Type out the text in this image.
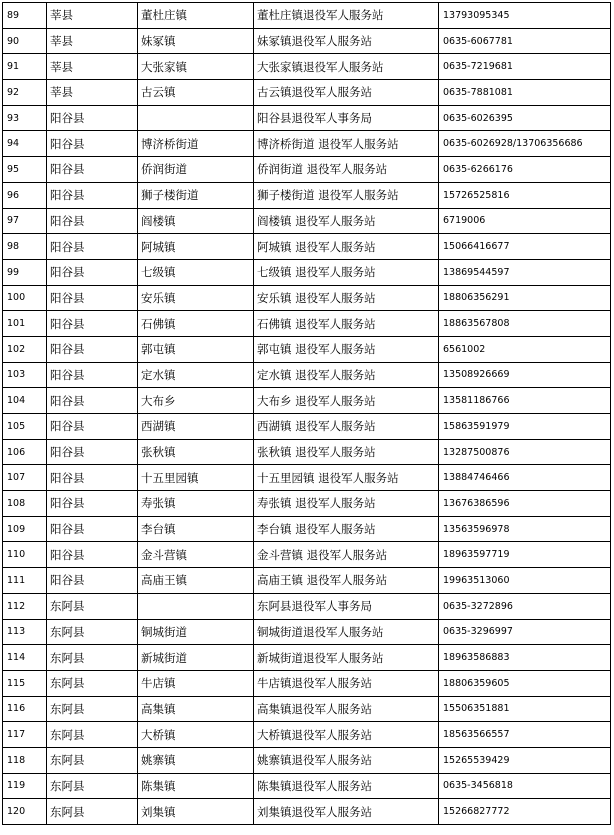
89	莘县	董杜庄镇	董杜庄镇退役军人服务站	13793095345
90	莘县	妹冢镇	妹冢镇退役军人服务站	0635-6067781
91	莘县	大张家镇	大张家镇退役军人服务站	0635-7219681
92	莘县	古云镇	古云镇退役军人服务站	0635-7881081
93	阳谷县		阳谷县退役军人事务局	0635-6026395
94	阳谷县	博济桥街道	博济桥街道 退役军人服务站	0635-6026928/13706356686
95	阳谷县	侨润街道	侨润街道 退役军人服务站	0635-6266176
96	阳谷县	狮子楼街道	狮子楼街道 退役军人服务站	15726525816
97	阳谷县	阎楼镇	阎楼镇 退役军人服务站	6719006
98	阳谷县	阿城镇	阿城镇 退役军人服务站	15066416677
99	阳谷县	七级镇	七级镇 退役军人服务站	13869544597
100	阳谷县	安乐镇	安乐镇 退役军人服务站	18806356291
101	阳谷县	石佛镇	石佛镇 退役军人服务站	18863567808
102	阳谷县	郭屯镇	郭屯镇 退役军人服务站	6561002
103	阳谷县	定水镇	定水镇 退役军人服务站	13508926669
104	阳谷县	大布乡	大布乡 退役军人服务站	13581186766
105	阳谷县	西湖镇	西湖镇 退役军人服务站	15863591979
106	阳谷县	张秋镇	张秋镇 退役军人服务站	13287500876
107	阳谷县	十五里园镇	十五里园镇 退役军人服务站	13884746466
108	阳谷县	寿张镇	寿张镇 退役军人服务站	13676386596
109	阳谷县	李台镇	李台镇 退役军人服务站	13563596978
110	阳谷县	金斗营镇	金斗营镇 退役军人服务站	18963597719
111	阳谷县	高庙王镇	高庙王镇 退役军人服务站	19963513060
112	东阿县		东阿县退役军人事务局	0635-3272896
113	东阿县	铜城街道	铜城街道退役军人服务站	0635-3296997
114	东阿县	新城街道	新城街道退役军人服务站	18963586883
115	东阿县	牛店镇	牛店镇退役军人服务站	18806359605
116	东阿县	高集镇	高集镇退役军人服务站	15506351881
117	东阿县	大桥镇	大桥镇退役军人服务站	18563566557
118	东阿县	姚寨镇	姚寨镇退役军人服务站	15265539429
119	东阿县	陈集镇	陈集镇退役军人服务站	0635-3456818
120	东阿县	刘集镇	刘集镇退役军人服务站	15266827772
